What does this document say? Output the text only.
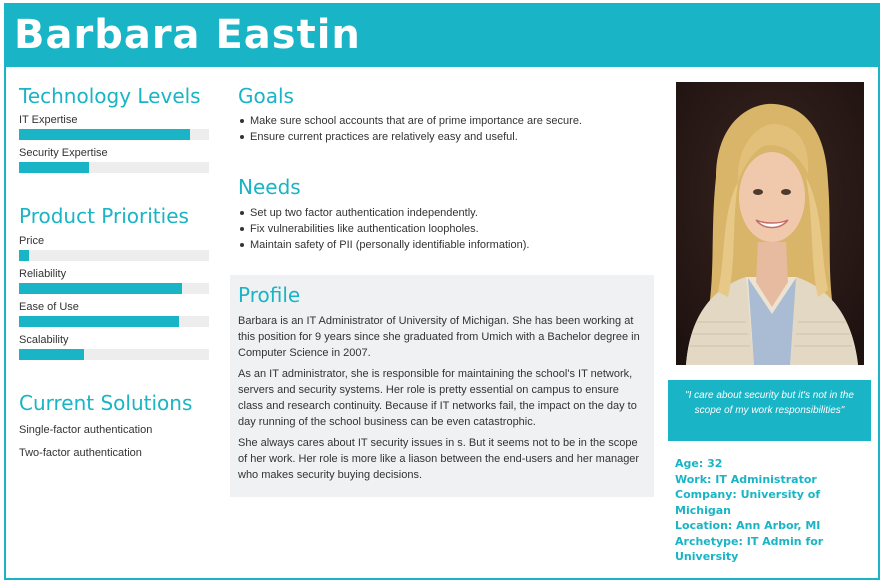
Barbara Eastin
Technology Levels
IT Expertise
Security Expertise
Product Priorities
Price
Reliability
Ease of Use
Scalability
Current Solutions
Single-factor authentication
Two-factor authentication
Goals
Make sure school accounts that are of prime importance are secure.
Ensure current practices are relatively easy and useful.
Needs
Set up two factor authentication independently.
Fix vulnerabilities like authentication loopholes.
Maintain safety of PII (personally identifiable information).
Profile
Barbara is an IT Administrator of University of Michigan. She has been working at this position for 9 years since she graduated from Umich with a Bachelor degree in Computer Science in 2007.
As an IT administrator, she is responsible for maintaining the school's IT network, servers and security systems. Her role is pretty essential on campus to ensure class and research continuity. Because if IT networks fail, the impact on the day to day running of the school business can be even catastrophic.
She always cares about IT security issues in s. But it seems not to be in the scope of her work. Her role is more like a liason between the end-users and her manager who makes security buying decisions.
"I care about security but it's not in the scope of my work responsibilities"
Age: 32
Work: IT Administrator
Company: University of Michigan
Location: Ann Arbor, MI
Archetype: IT Admin for University
